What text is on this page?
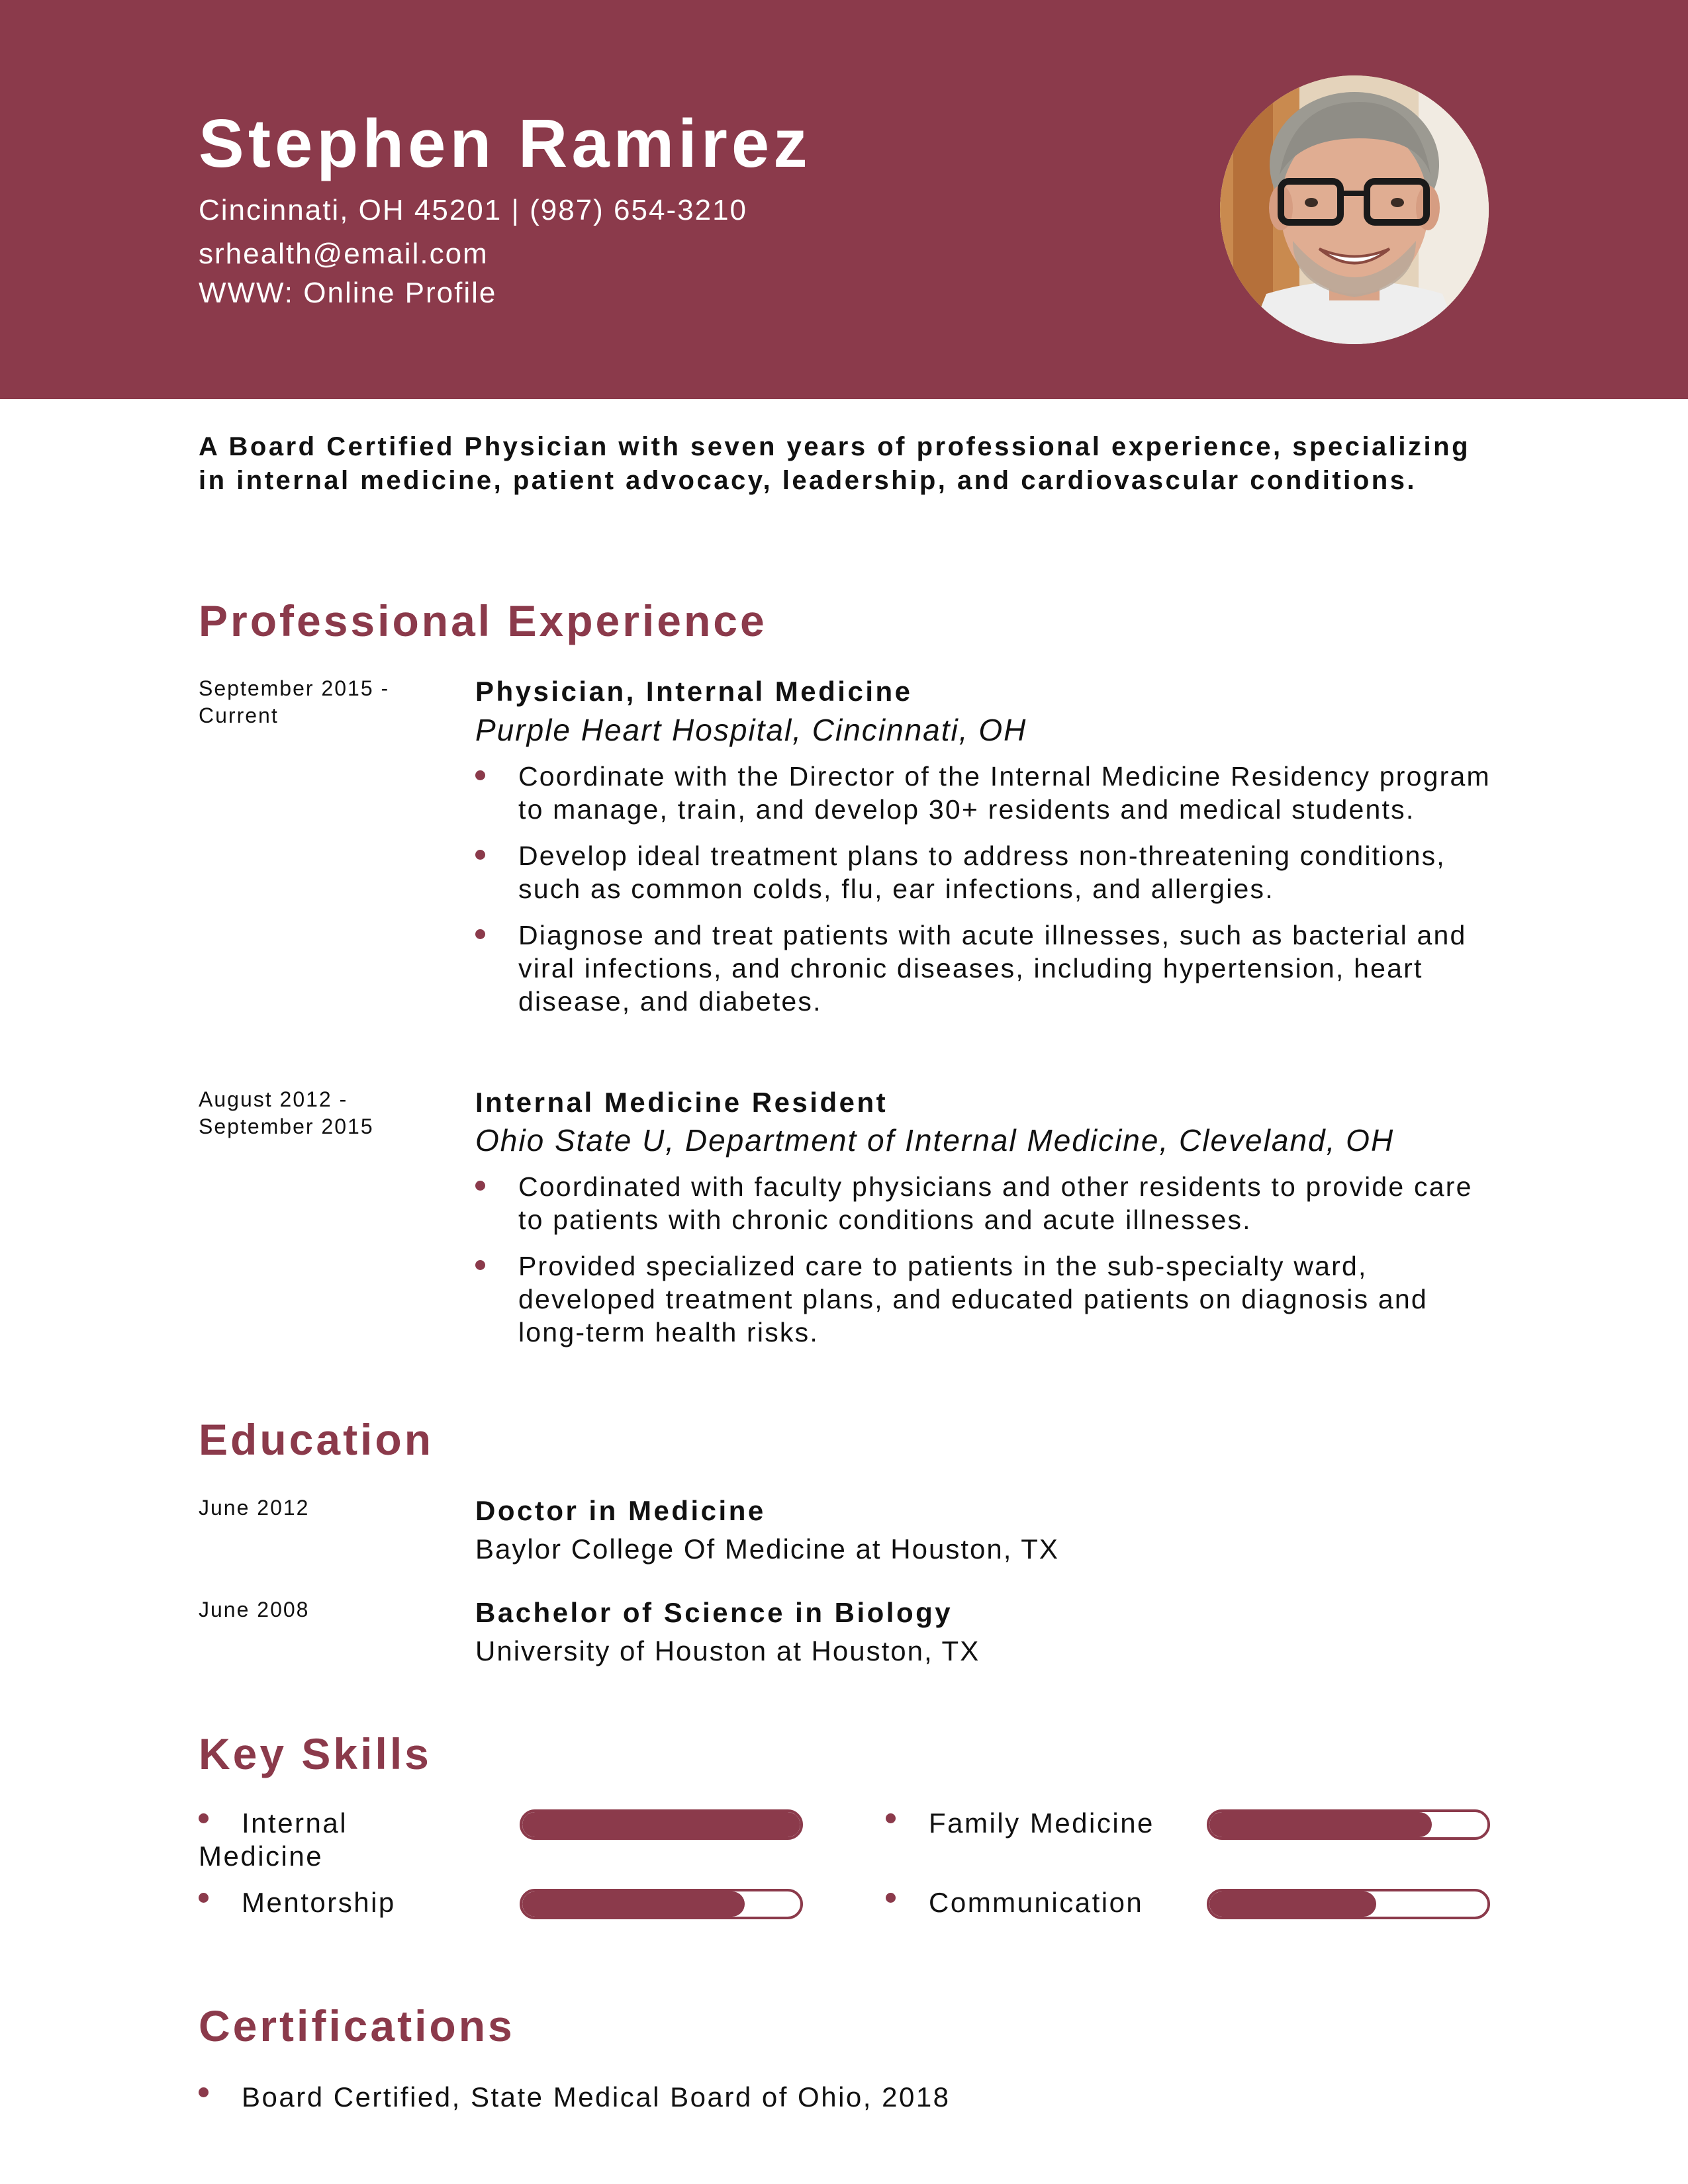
Stephen Ramirez
Cincinnati, OH 45201 | (987) 654-3210
srhealth@email.com
WWW: Online Profile
A Board Certified Physician with seven years of professional experience, specializing in internal medicine, patient advocacy, leadership, and cardiovascular conditions.
Professional Experience
September 2015 - Current
Physician, Internal Medicine
Purple Heart Hospital, Cincinnati, OH
Coordinate with the Director of the Internal Medicine Residency program to manage, train, and develop 30+ residents and medical students.
Develop ideal treatment plans to address non-threatening conditions, such as common colds, flu, ear infections, and allergies.
Diagnose and treat patients with acute illnesses, such as bacterial and viral infections, and chronic diseases, including hypertension, heart disease, and diabetes.
August 2012 - September 2015
Internal Medicine Resident
Ohio State U, Department of Internal Medicine, Cleveland, OH
Coordinated with faculty physicians and other residents to provide care to patients with chronic conditions and acute illnesses.
Provided specialized care to patients in the sub-specialty ward, developed treatment plans, and educated patients on diagnosis and long-term health risks.
Education
June 2012	Doctor in Medicine
Baylor College Of Medicine at Houston, TX
June 2008	Bachelor of Science in Biology
University of Houston at Houston, TX
Key Skills
Internal Medicine
Family Medicine
Mentorship	Communication
Certifications
Board Certified, State Medical Board of Ohio, 2018
